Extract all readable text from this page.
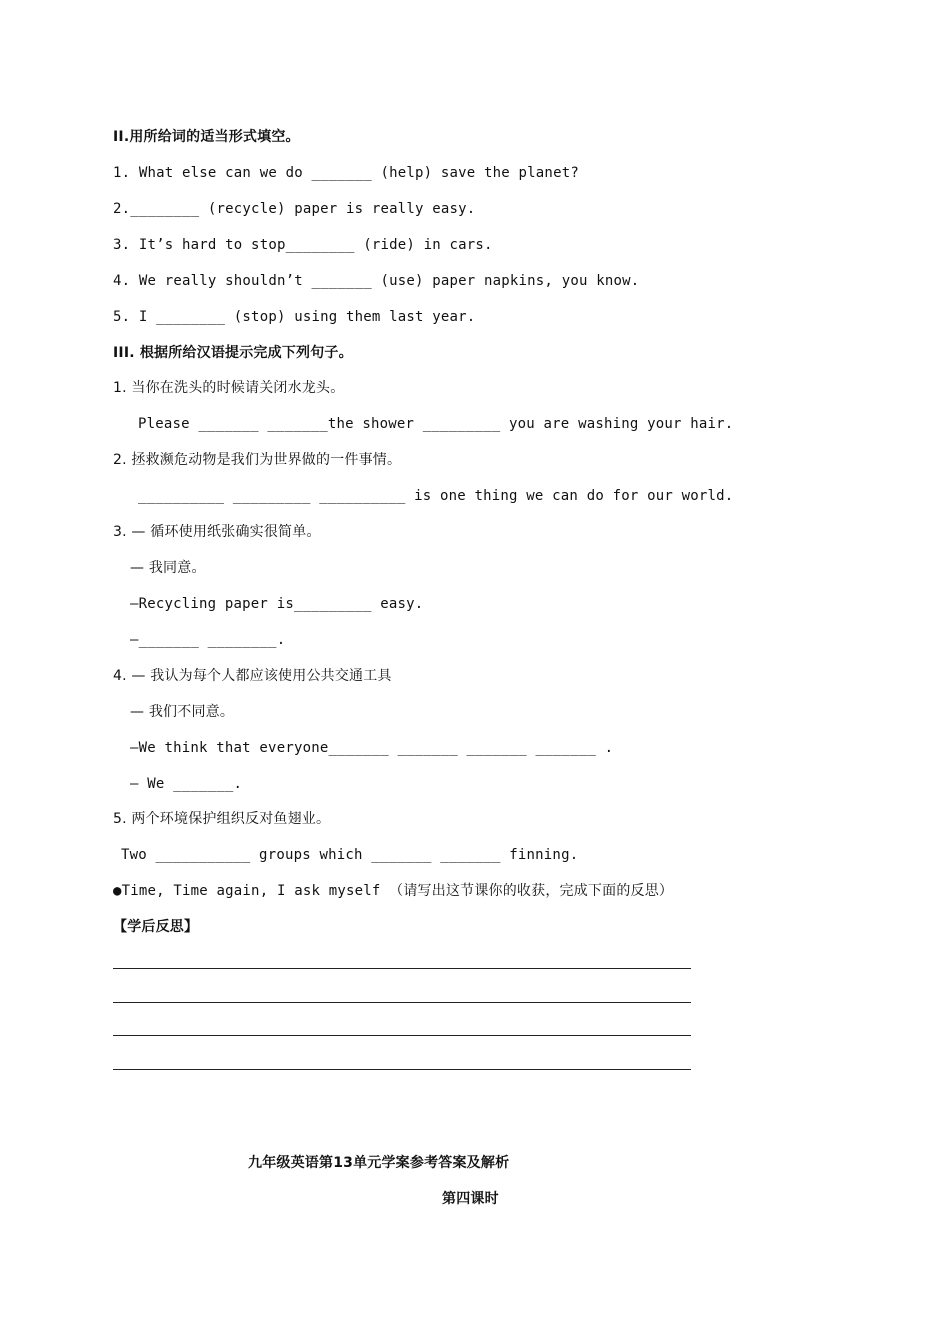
II.用所给词的适当形式填空。
1. What else can we do _______ (help) save the planet?
2.________ (recycle) paper is really easy.
3. It’s hard to stop________ (ride) in cars.
4. We really shouldn’t _______ (use) paper napkins, you know.
5. I ________ (stop) using them last year.
III. 根据所给汉语提示完成下列句子。
1. 当你在洗头的时候请关闭水龙头。
Please _______ _______the shower _________ you are washing your hair.
2. 拯救濒危动物是我们为世界做的一件事情。
__________ _________ __________ is one thing we can do for our world.
3. — 循环使用纸张确实很简单。
— 我同意。
—Recycling paper is_________ easy.
—_______ ________.
4. — 我认为每个人都应该使用公共交通工具
— 我们不同意。
—We think that everyone_______ _______ _______ _______ .
— We _______.
5. 两个环境保护组织反对鱼翅业。
Two ___________ groups which _______ _______ finning.
●Time, Time again, I ask myself （请写出这节课你的收获，完成下面的反思）
【学后反思】
九年级英语第13单元学案参考答案及解析
第四课时
